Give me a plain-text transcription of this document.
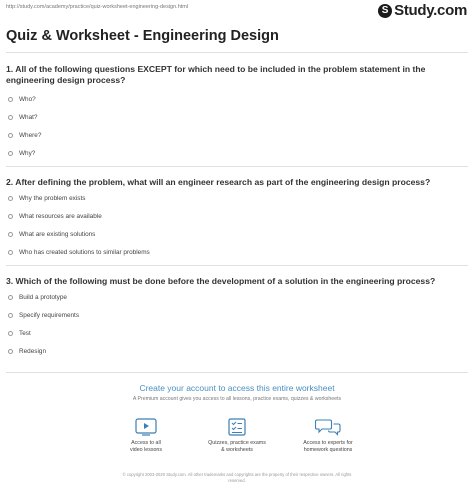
http://study.com/academy/practice/quiz-worksheet-engineering-design.html	S Study.com
Quiz & Worksheet - Engineering Design
1. All of the following questions EXCEPT for which need to be included in the problem statement in the engineering design process?
Who?
What?
Where?
Why?
2. After defining the problem, what will an engineer research as part of the engineering design process?
Why the problem exists
What resources are available
What are existing solutions
Who has created solutions to similar problems
3. Which of the following must be done before the development of a solution in the engineering process?
Build a prototype
Specify requirements
Test
Redesign
Create your account to access this entire worksheet
A Premium account gives you access to all lessons, practice exams, quizzes & worksheets
Access to all
video lessons
Quizzes, practice exams
& worksheets
Access to experts for
homework questions
© copyright 2003-2020 Study.com. All other trademarks and copyrights are the property of their respective owners. All rights
reserved.
